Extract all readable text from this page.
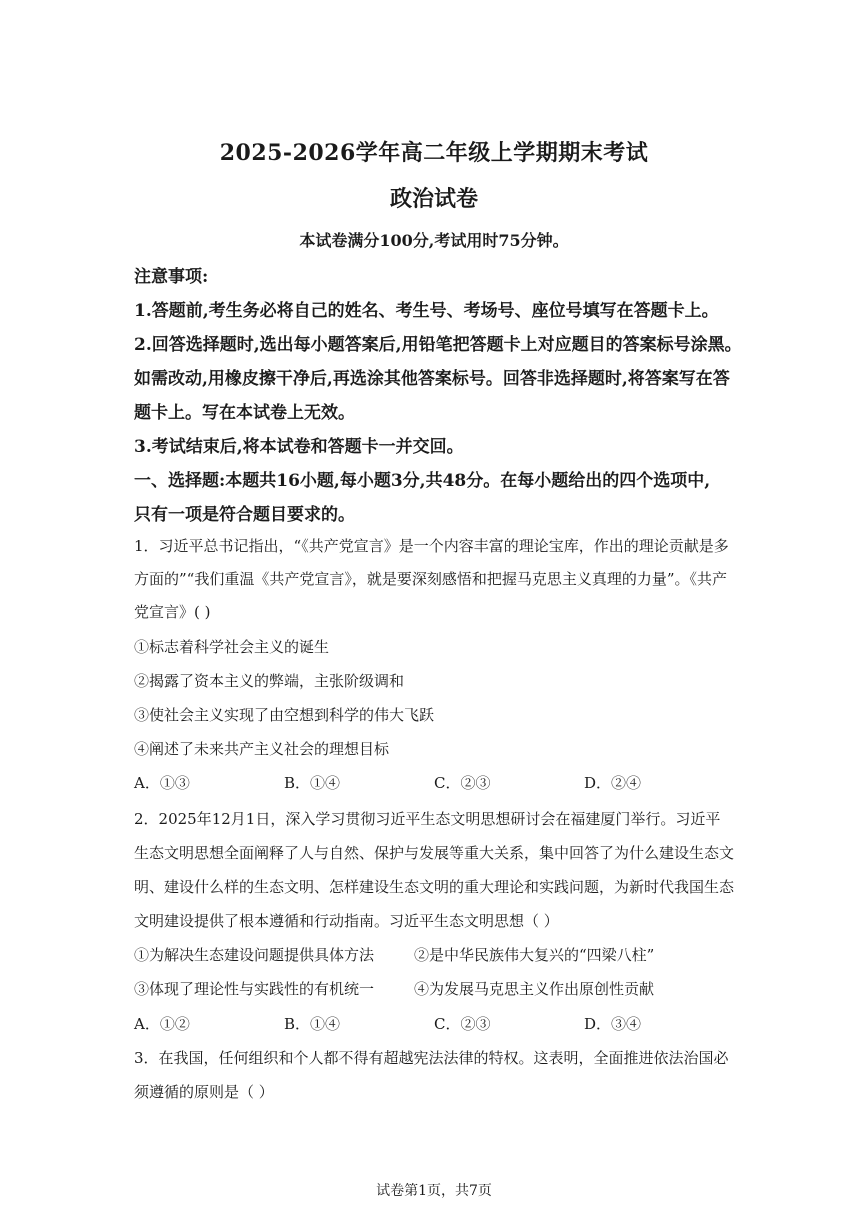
2025-2026学年高二年级上学期期末考试
政治试卷
本试卷满分100分,考试用时75分钟。
注意事项:
1.答题前,考生务必将自己的姓名、考生号、考场号、座位号填写在答题卡上。
2.回答选择题时,选出每小题答案后,用铅笔把答题卡上对应题目的答案标号涂黑。
如需改动,用橡皮擦干净后,再选涂其他答案标号。回答非选择题时,将答案写在答
题卡上。写在本试卷上无效。
3.考试结束后,将本试卷和答题卡一并交回。
一、选择题:本题共16小题,每小题3分,共48分。在每小题给出的四个选项中,
只有一项是符合题目要求的。
1．习近平总书记指出，“《共产党宣言》是一个内容丰富的理论宝库，作出的理论贡献是多
方面的”“我们重温《共产党宣言》，就是要深刻感悟和把握马克思主义真理的力量”。《共产
党宣言》( )
①标志着科学社会主义的诞生
②揭露了资本主义的弊端，主张阶级调和
③使社会主义实现了由空想到科学的伟大飞跃
④阐述了未来共产主义社会的理想目标
A．①③	B．①④	C．②③	D．②④
2．2025年12月1日，深入学习贯彻习近平生态文明思想研讨会在福建厦门举行。习近平
生态文明思想全面阐释了人与自然、保护与发展等重大关系，集中回答了为什么建设生态文
明、建设什么样的生态文明、怎样建设生态文明的重大理论和实践问题，为新时代我国生态
文明建设提供了根本遵循和行动指南。习近平生态文明思想（ ）
①为解决生态建设问题提供具体方法	②是中华民族伟大复兴的“四梁八柱”
③体现了理论性与实践性的有机统一	④为发展马克思主义作出原创性贡献
A．①②	B．①④	C．②③	D．③④
3．在我国，任何组织和个人都不得有超越宪法法律的特权。这表明，全面推进依法治国必
须遵循的原则是（ ）
试卷第1页，共7页
